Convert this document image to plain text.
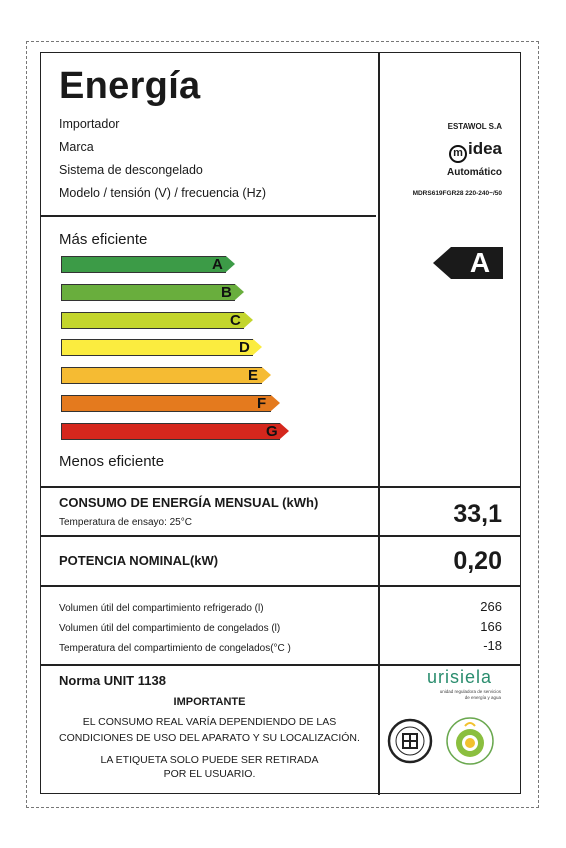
Energía
Importador
Marca
Sistema de descongelado
Modelo / tensión (V) / frecuencia (Hz)
ESTAWOL S.A
m idea
Automático
MDRS619FGR28 220-240~/50
Más eficiente
A
B
C
D
E
F
G
Menos eficiente
A
CONSUMO DE ENERGÍA MENSUAL (kWh)
Temperatura de ensayo: 25°C	33,1
POTENCIA NOMINAL(kW)	0,20
Volumen útil del compartimiento refrigerado (l)	266
Volumen útil del compartimiento de congelados (l)	166
Temperatura del compartimiento de congelados(°C )	-18
Norma UNIT 1138
IMPORTANTE
EL CONSUMO REAL VARÍA DEPENDIENDO DE LAS
CONDICIONES DE USO DEL APARATO Y SU LOCALIZACIÓN.
LA ETIQUETA SOLO PUEDE SER RETIRADA
POR EL USUARIO.
urisiela
unidad reguladora de servicios
de energía y agua
